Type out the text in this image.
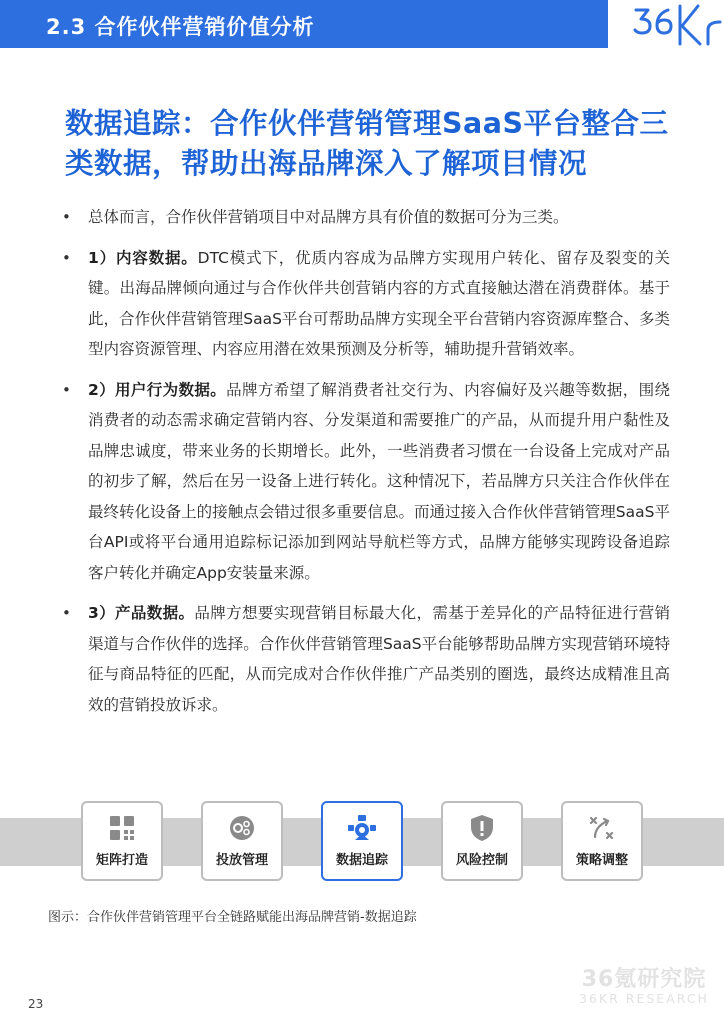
2.3 合作伙伴营销价值分析
数据追踪：合作伙伴营销管理SaaS平台整合三类数据，帮助出海品牌深入了解项目情况
• 总体而言，合作伙伴营销项目中对品牌方具有价值的数据可分为三类。
• 1）内容数据。DTC模式下，优质内容成为品牌方实现用户转化、留存及裂变的关键。出海品牌倾向通过与合作伙伴共创营销内容的方式直接触达潜在消费群体。基于此，合作伙伴营销管理SaaS平台可帮助品牌方实现全平台营销内容资源库整合、多类型内容资源管理、内容应用潜在效果预测及分析等，辅助提升营销效率。
• 2）用户行为数据。品牌方希望了解消费者社交行为、内容偏好及兴趣等数据，围绕消费者的动态需求确定营销内容、分发渠道和需要推广的产品，从而提升用户黏性及品牌忠诚度，带来业务的长期增长。此外，一些消费者习惯在一台设备上完成对产品的初步了解，然后在另一设备上进行转化。这种情况下，若品牌方只关注合作伙伴在最终转化设备上的接触点会错过很多重要信息。而通过接入合作伙伴营销管理SaaS平台API或将平台通用追踪标记添加到网站导航栏等方式，品牌方能够实现跨设备追踪客户转化并确定App安装量来源。
• 3）产品数据。品牌方想要实现营销目标最大化，需基于差异化的产品特征进行营销渠道与合作伙伴的选择。合作伙伴营销管理SaaS平台能够帮助品牌方实现营销环境特征与商品特征的匹配，从而完成对合作伙伴推广产品类别的圈选，最终达成精准且高效的营销投放诉求。
矩阵打造	投放管理	数据追踪	风险控制	策略调整
图示：合作伙伴营销管理平台全链路赋能出海品牌营销-数据追踪
36氪研究院
36KR RESEARCH
23
